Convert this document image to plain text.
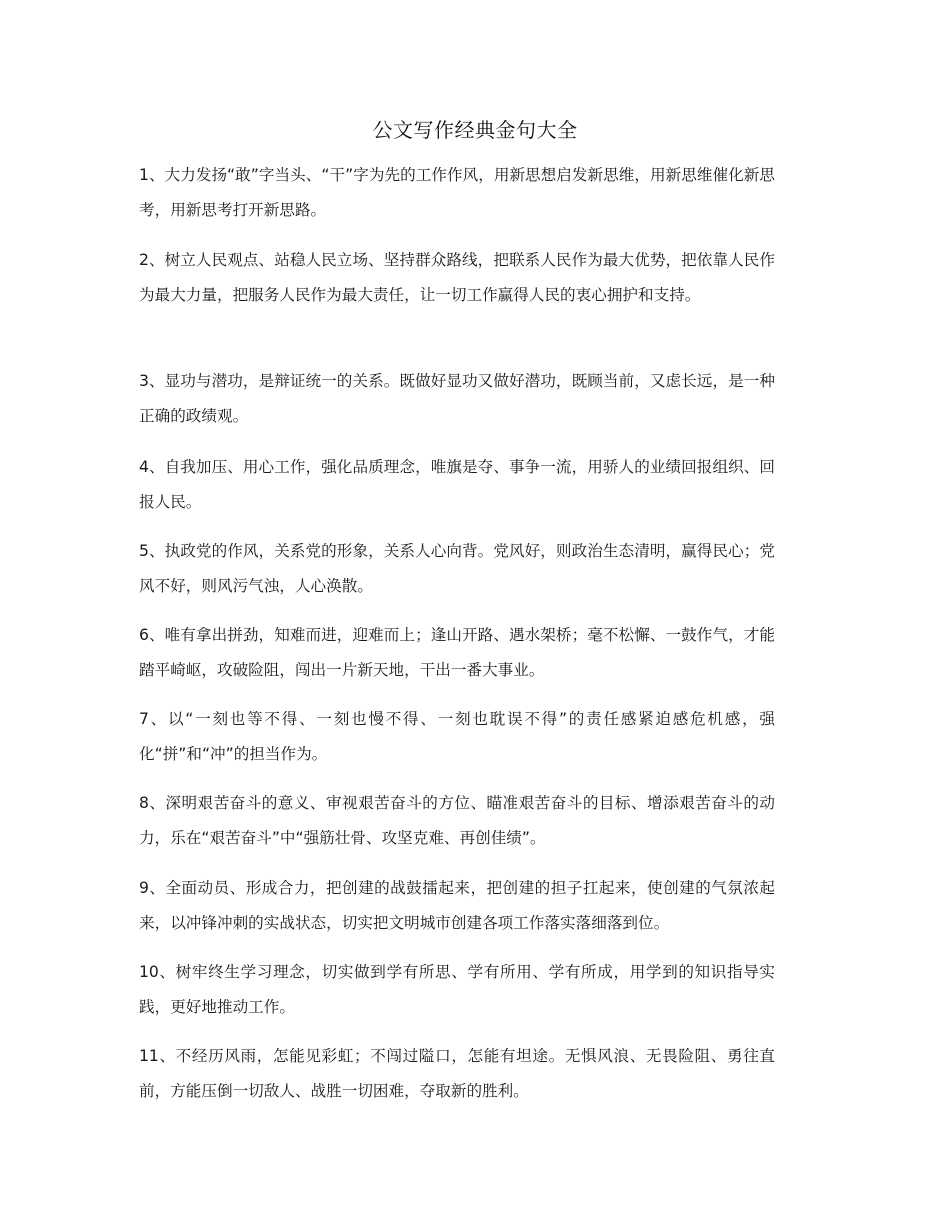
公文写作经典金句大全
1、大力发扬“敢”字当头、“干”字为先的工作作风，用新思想启发新思维，用新思维催化新思考，用新思考打开新思路。
2、树立人民观点、站稳人民立场、坚持群众路线，把联系人民作为最大优势，把依靠人民作为最大力量，把服务人民作为最大责任，让一切工作赢得人民的衷心拥护和支持。
3、显功与潜功，是辩证统一的关系。既做好显功又做好潜功，既顾当前，又虑长远，是一种正确的政绩观。
4、自我加压、用心工作，强化品质理念，唯旗是夺、事争一流，用骄人的业绩回报组织、回报人民。
5、执政党的作风，关系党的形象，关系人心向背。党风好，则政治生态清明，赢得民心；党风不好，则风污气浊，人心涣散。
6、唯有拿出拼劲，知难而进，迎难而上；逢山开路、遇水架桥；毫不松懈、一鼓作气，才能踏平崎岖，攻破险阻，闯出一片新天地，干出一番大事业。
7、以“一刻也等不得、一刻也慢不得、一刻也耽误不得”的责任感紧迫感危机感，强化“拼”和“冲”的担当作为。
8、深明艰苦奋斗的意义、审视艰苦奋斗的方位、瞄准艰苦奋斗的目标、增添艰苦奋斗的动力，乐在“艰苦奋斗”中“强筋壮骨、攻坚克难、再创佳绩”。
9、全面动员、形成合力，把创建的战鼓擂起来，把创建的担子扛起来，使创建的气氛浓起来，以冲锋冲刺的实战状态，切实把文明城市创建各项工作落实落细落到位。
10、树牢终生学习理念，切实做到学有所思、学有所用、学有所成，用学到的知识指导实践，更好地推动工作。
11、不经历风雨，怎能见彩虹；不闯过隘口，怎能有坦途。无惧风浪、无畏险阻、勇往直前，方能压倒一切敌人、战胜一切困难，夺取新的胜利。
